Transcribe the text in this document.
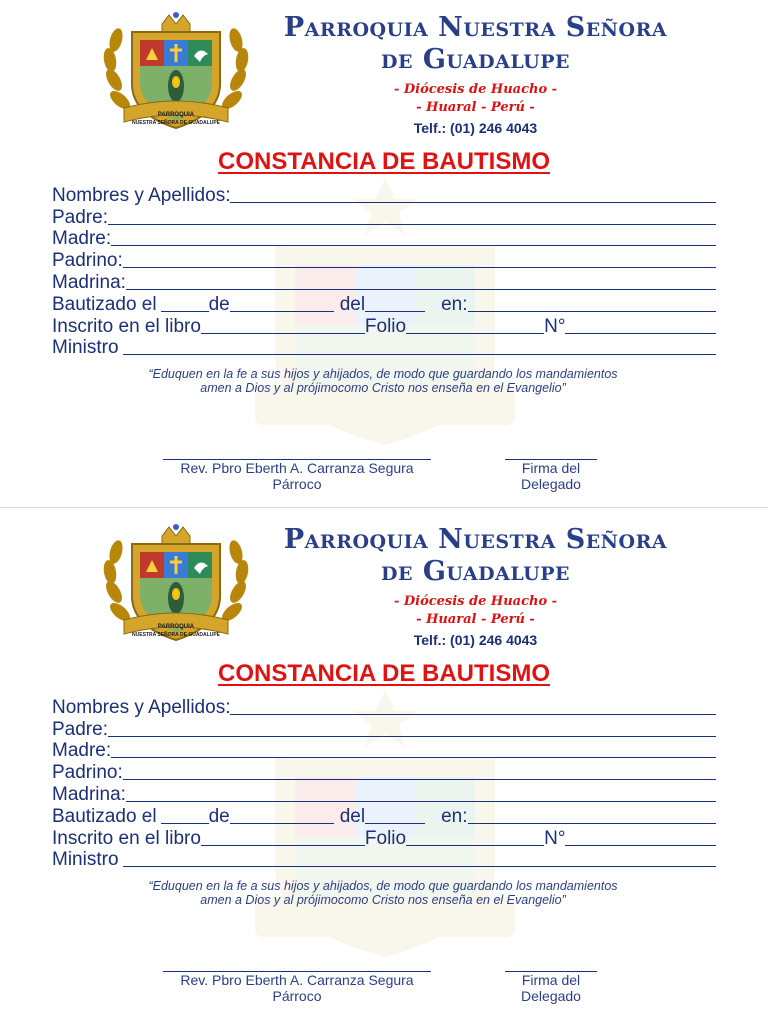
PARROQUIA
NUESTRA SEÑORA DE GUADALUPE
Parroquia Nuestra Señora
de Guadalupe
- Diócesis de Huacho -
- Huaral - Perú -
Telf.: (01) 246 4043
CONSTANCIA DE BAUTISMO
Nombres y Apellidos:
Padre:
Madre:
Padrino:
Madrina:
Bautizado el	de	del	en:
Inscrito en el libro	Folio	N°
Ministro
“Eduquen en la fe a sus hijos y ahijados, de modo que guardando los mandamientos
amen a Dios y al prójimocomo Cristo nos enseña en el Evangelio”
Rev. Pbro Eberth A. Carranza Segura
Párroco
Firma del
Delegado
PARROQUIA
NUESTRA SEÑORA DE GUADALUPE
Parroquia Nuestra Señora
de Guadalupe
- Diócesis de Huacho -
- Huaral - Perú -
Telf.: (01) 246 4043
CONSTANCIA DE BAUTISMO
Nombres y Apellidos:
Padre:
Madre:
Padrino:
Madrina:
Bautizado el	de	del	en:
Inscrito en el libro	Folio	N°
Ministro
“Eduquen en la fe a sus hijos y ahijados, de modo que guardando los mandamientos
amen a Dios y al prójimocomo Cristo nos enseña en el Evangelio”
Rev. Pbro Eberth A. Carranza Segura
Párroco
Firma del
Delegado
